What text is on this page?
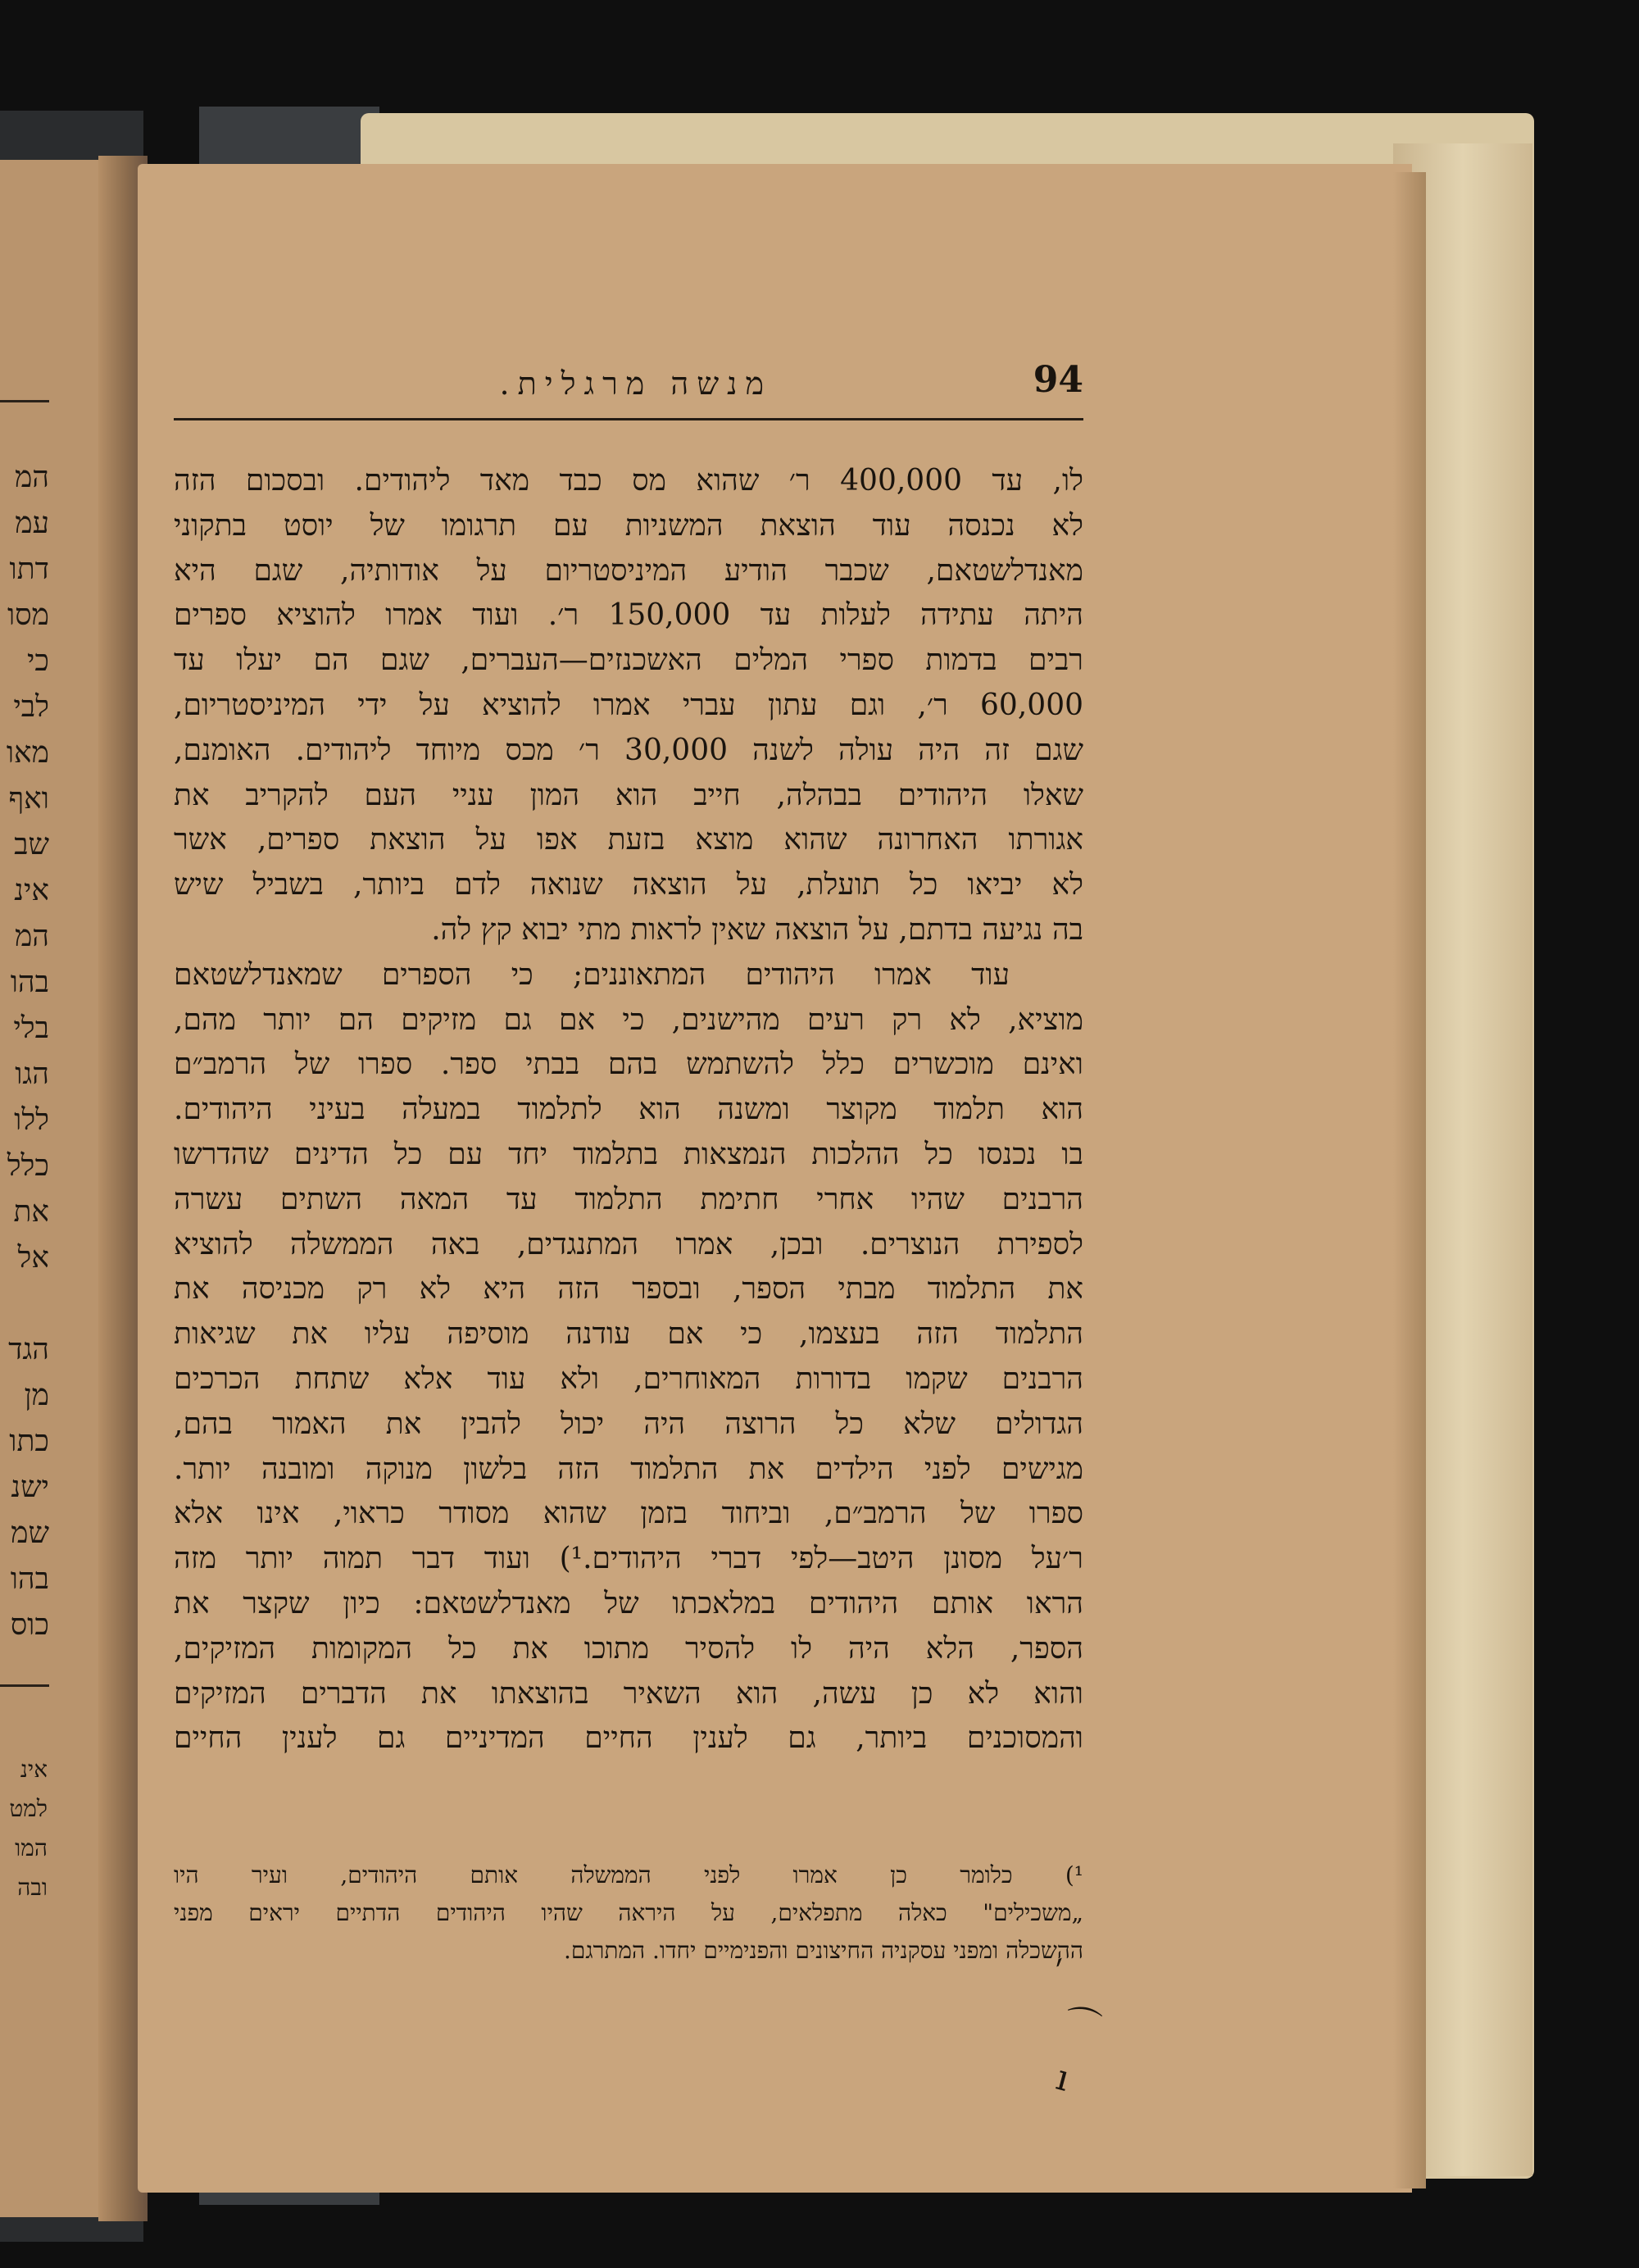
המ
עמ
דתו
מסו
כי
לבי
מאו
ואף
שב
אינ
המ
בהו
בלי
הגו
ללו
כלל
את
אל
הגד
מן
כתו
ישנ
שמ
בהו
כוס
אינ
למט
המו
ובה
מנשה מרגלית.	94
לו, עד 400,000 ר׳ שהוא מס כבד מאד ליהודים. ובסכום הזה
לא נכנסה עוד הוצאת המשניות עם תרגומו של יוסט בתקוני
מאנדלשטאם, שכבר הודיע המיניסטריום על אודותיה, שגם היא
היתה עתידה לעלות עד 150,000 ר׳. ועוד אמרו להוציא ספרים
רבים בדמות ספרי המלים האשכנזים—העברים, שגם הם יעלו עד
60,000 ר׳, וגם עתון עברי אמרו להוציא על ידי המיניסטריום,
שגם זה היה עולה לשנה 30,000 ר׳ מכס מיוחד ליהודים. האומנם,
שאלו היהודים בבהלה, חייב הוא המון עניי העם להקריב את
אגורתו האחרונה שהוא מוצא בזעת אפו על הוצאת ספרים, אשר
לא יביאו כל תועלת, על הוצאה שנואה לדם ביותר, בשביל שיש
בה נגיעה בדתם, על הוצאה שאין לראות מתי יבוא קץ לה.
עוד אמרו היהודים המתאוננים; כי הספרים שמאנדלשטאם
מוציא, לא רק רעים מהישנים, כי אם גם מזיקים הם יותר מהם,
ואינם מוכשרים כלל להשתמש בהם בבתי ספר. ספרו של הרמב״ם
הוא תלמוד מקוצר ומשנה הוא לתלמוד במעלה בעיני היהודים.
בו נכנסו כל ההלכות הנמצאות בתלמוד יחד עם כל הדינים שהדרשו
הרבנים שהיו אחרי חתימת התלמוד עד המאה השתים עשרה
לספירת הנוצרים. ובכן, אמרו המתנגדים, באה הממשלה להוציא
את התלמוד מבתי הספר, ובספר הזה היא לא רק מכניסה את
התלמוד הזה בעצמו, כי אם עודנה מוסיפה עליו את שגיאות
הרבנים שקמו בדורות המאוחרים, ולא עוד אלא שתחת הכרכים
הגדולים שלא כל הרוצה היה יכול להבין את האמור בהם,
מגישים לפני הילדים את התלמוד הזה בלשון מנוקה ומובנה יותר.
ספרו של הרמב״ם, וביחוד בזמן שהוא מסודר כראוי, אינו אלא
ר׳על מסונן היטב—לפי דברי היהודים.¹) ועוד דבר תמוה יותר מזה
הראו אותם היהודים במלאכתו של מאנדלשטאם: כיון שקצר את
הספר, הלא היה לו להסיר מתוכו את כל המקומות המזיקים,
והוא לא כן עשה, הוא השאיר בהוצאתו את הדברים המזיקים
והמסוכנים ביותר, גם לענין החיים המדיניים גם לענין החיים
¹) כלומר כן אמרו לפני הממשלה אותם היהודים, ועיר היו
„משכילים" כאלה מתפלאים, על היראה שהיו היהודים הדתיים יראים מפני
ההשכלה ומפני עסקניה החיצונים והפנימיים יחדו. המתרגם.
ˊ
⌒
ı
